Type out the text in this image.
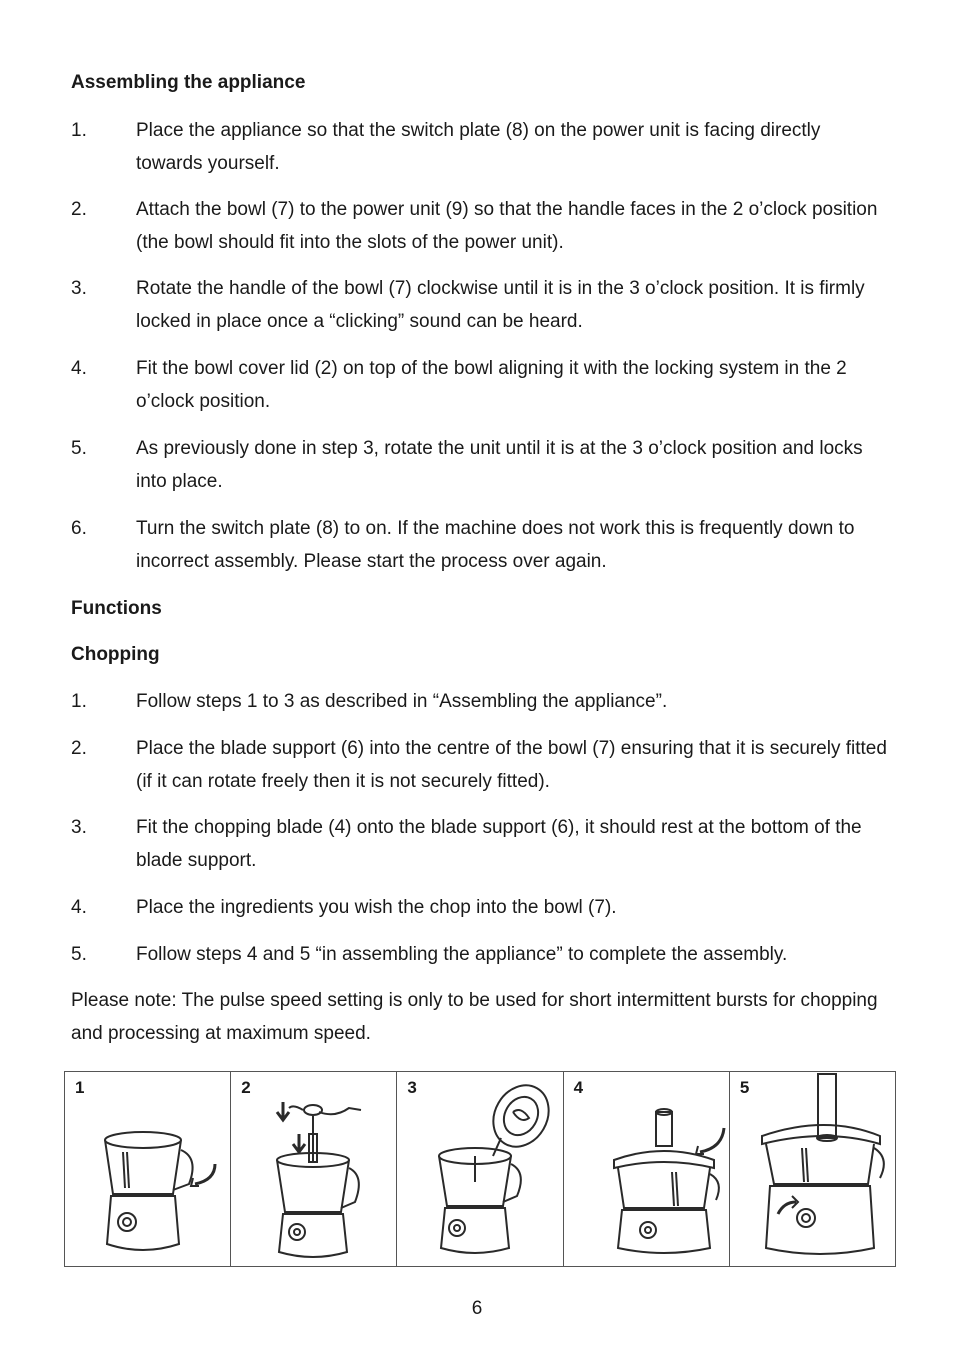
Assembling the appliance
1.	Place the appliance so that the switch plate (8) on the power unit is facing directly towards yourself.
2.	Attach the bowl (7) to the power unit (9) so that the handle faces in the 2 o’clock position (the bowl should fit into the slots of the power unit).
3.	Rotate the handle of the bowl (7) clockwise until it is in the 3 o’clock position. It is firmly locked in place once a “clicking” sound can be heard.
4.	Fit the bowl cover lid (2) on top of the bowl aligning it with the locking system in the 2 o’clock position.
5.	As previously done in step 3, rotate the unit until it is at the 3 o’clock position and locks into place.
6.	Turn the switch plate (8) to on. If the machine does not work this is frequently down to incorrect assembly. Please start the process over again.
Functions
Chopping
1.	Follow steps 1 to 3 as described in “Assembling the appliance”.
2.	Place the blade support (6) into the centre of the bowl (7) ensuring that it is securely fitted (if it can rotate freely then it is not securely fitted).
3.	Fit the chopping blade (4) onto the blade support (6), it should rest at the bottom of the blade support.
4.	Place the ingredients you wish the chop into the bowl (7).
5.	Follow steps 4 and 5 “in assembling the appliance” to complete the assembly.
Please note: The pulse speed setting is only to be used for short intermittent bursts for chopping and processing at maximum speed.
1	2	3	4	5
6
